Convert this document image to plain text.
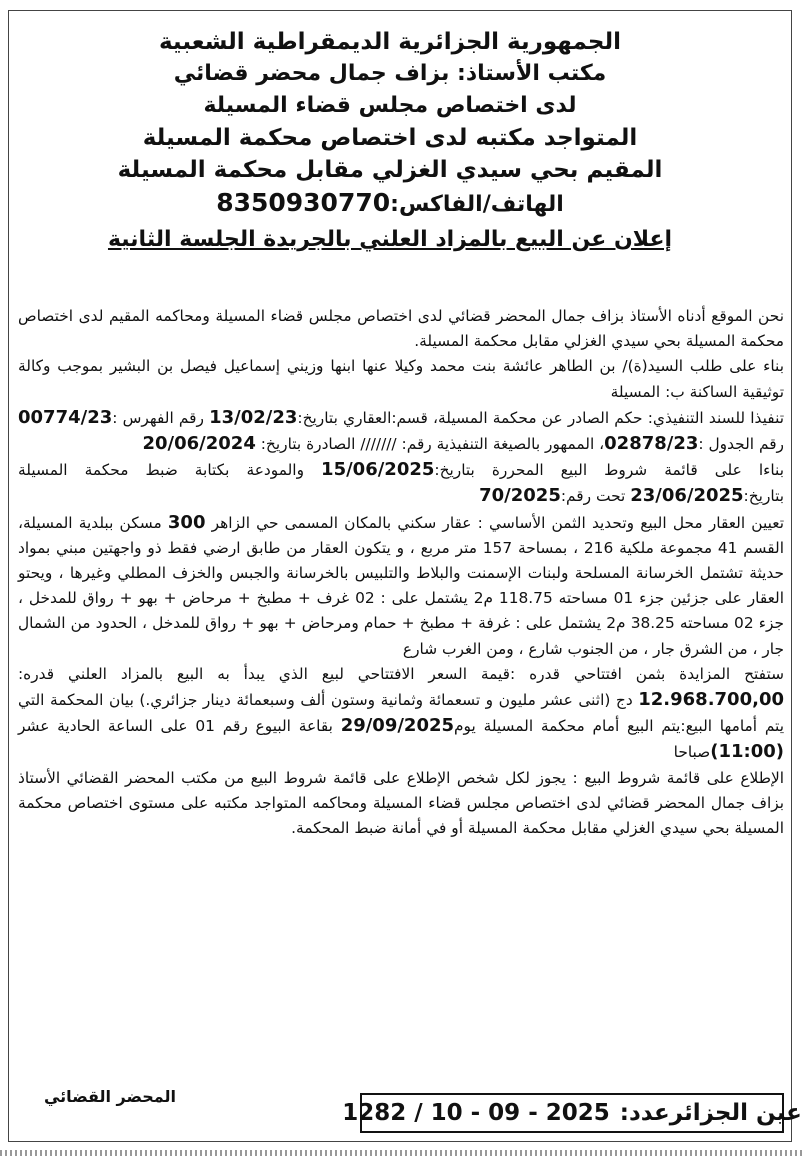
الجمهورية الجزائرية الديمقراطية الشعبية
مكتب الأستاذ: بزاف جمال محضر قضائي
لدى اختصاص مجلس قضاء المسيلة
المتواجد مكتبه لدى اختصاص محكمة المسيلة
المقيم بحي سيدي الغزلي مقابل محكمة المسيلة
الهاتف/الفاكس:8350930770
إعلان عن البيع بالمزاد العلني بالجريدة الجلسة الثانية

نحن الموقع أدناه الأستاذ بزاف جمال المحضر قضائي لدى اختصاص مجلس قضاء المسيلة ومحاكمه المقيم لدى اختصاص محكمة المسيلة بحي سيدي الغزلي مقابل محكمة المسيلة.

بناء على طلب السيد(ة)/ بن الطاهر عائشة بنت محمد وكيلا عنها ابنها وزيني إسماعيل فيصل بن البشير بموجب وكالة توثيقية الساكنة ب: المسيلة

تنفيذا للسند التنفيذي: حكم الصادر عن محكمة المسيلة، قسم:العقاري بتاريخ:13/02/23 رقم الفهرس :00774/23 رقم الجدول :02878/23، الممهور بالصيغة التنفيذية رقم: /////// الصادرة بتاريخ: 20/06/2024

بناءا على قائمة شروط البيع المحررة بتاريخ:15/06/2025 والمودعة بكتابة ضبط محكمة المسيلة بتاريخ:23/06/2025 تحت رقم:70/2025

تعيين العقار محل البيع وتحديد الثمن الأساسي : عقار سكني بالمكان المسمى حي الزاهر 300 مسكن ببلدية المسيلة، القسم 41 مجموعة ملكية 216 ، بمساحة 157 متر مربع ، و يتكون العقار من طابق ارضي فقط ذو واجهتين مبني بمواد حديثة تشتمل الخرسانة المسلحة ولبنات الإسمنت والبلاط والتلبيس بالخرسانة والجبس والخزف المطلي وغيرها ، ويحتو العقار على جزئين جزء 01 مساحته 118.75 م2 يشتمل على : 02 غرف + مطبخ + مرحاض + بهو + رواق للمدخل ، جزء 02 مساحته 38.25 م2 يشتمل على : غرفة + مطبخ + حمام ومرحاض + بهو + رواق للمدخل ، الحدود من الشمال جار ، من الشرق جار ، من الجنوب شارع ، ومن الغرب شارع

ستفتح المزايدة بثمن افتتاحي قدره :قيمة السعر الافتتاحي لبيع الذي يبدأ به البيع بالمزاد العلني قدره: 12.968.700,00 دج (اثنى عشر مليون و تسعمائة وثمانية وستون ألف وسبعمائة دينار جزائري.) بيان المحكمة التي يتم أمامها البيع:يتم البيع أمام محكمة المسيلة يوم29/09/2025 بقاعة البيوع رقم 01 على الساعة الحادية عشر (11:00)صباحا

الإطلاع على قائمة شروط البيع : يجوز لكل شخص الإطلاع على قائمة شروط البيع من مكتب المحضر القضائي الأستاذ بزاف جمال المحضر قضائي لدى اختصاص مجلس قضاء المسيلة ومحاكمه المتواجد مكتبه على مستوى اختصاص محكمة المسيلة بحي سيدي الغزلي مقابل محكمة المسيلة أو في أمانة ضبط المحكمة.

المحضر القضائي
عين الجزائرعدد:
1282 / 10 - 09 - 2025
